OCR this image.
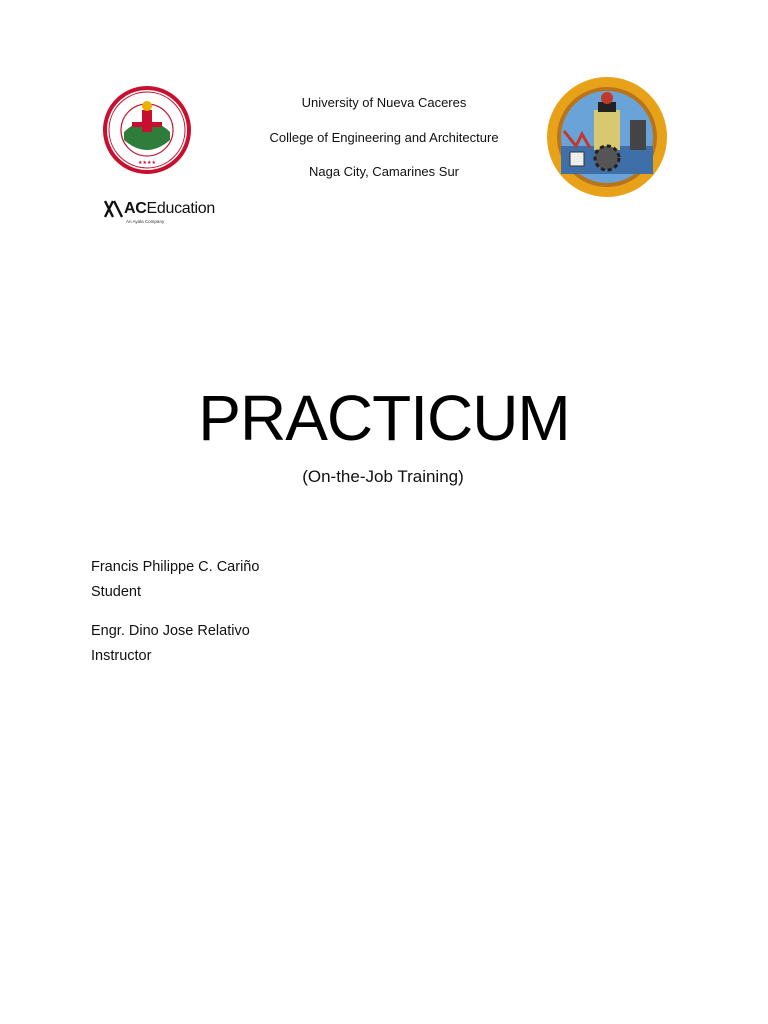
★★★★
ACEducation
An Ayala Company
University of Nueva Caceres
College of Engineering and Architecture
Naga City, Camarines Sur
PRACTICUM
(On-the-Job Training)
Francis Philippe C. Cariño
Student
Engr. Dino Jose Relativo
Instructor
